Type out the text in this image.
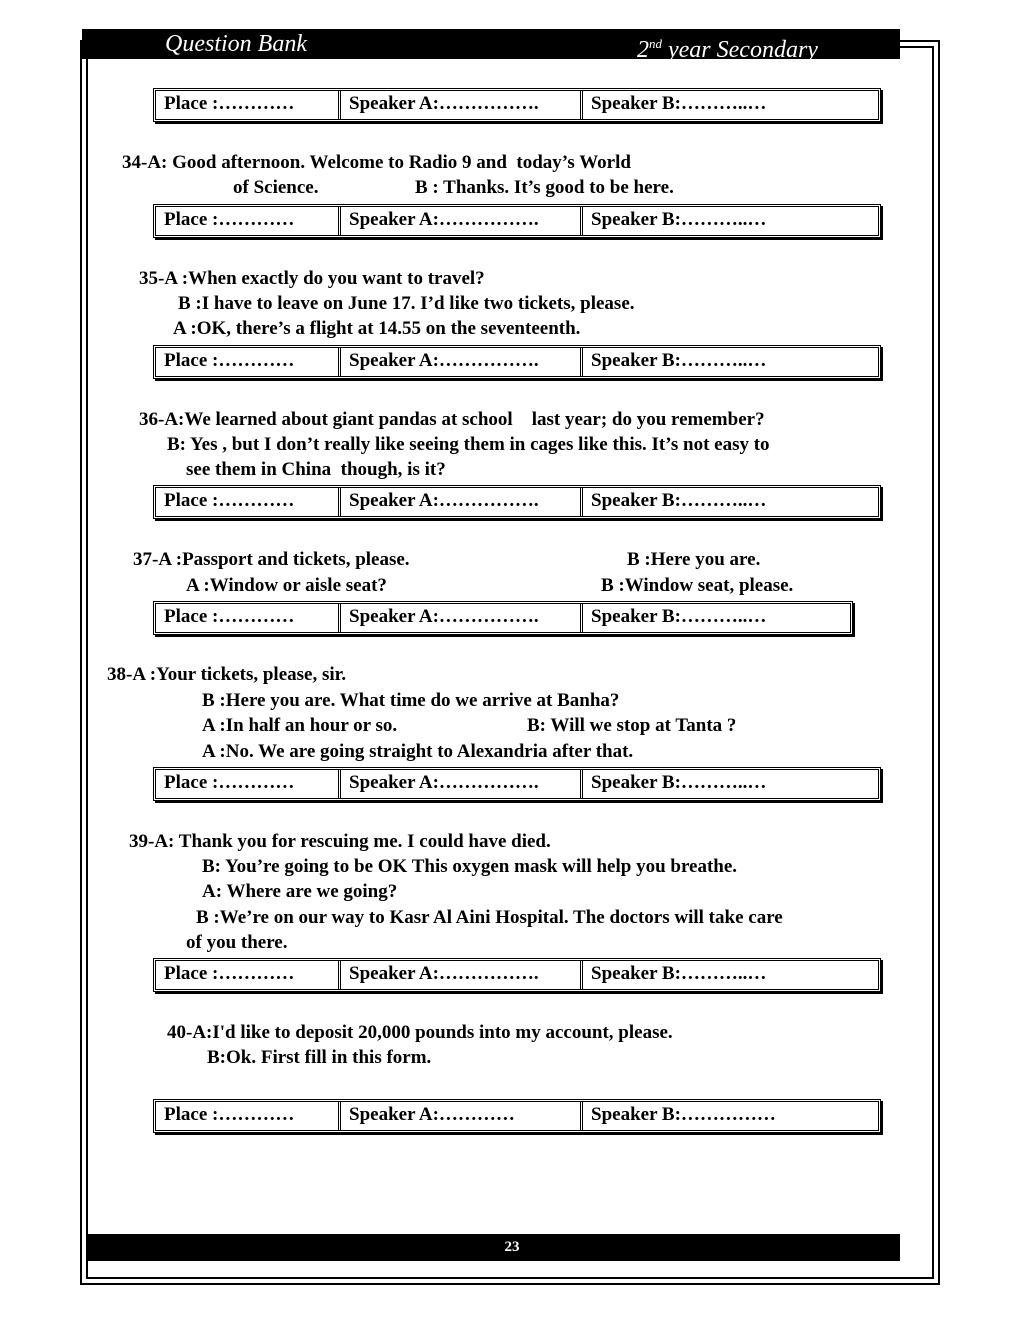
Question Bank	2nd year Secondary
Place :…………	Speaker A:…………….	Speaker B:………..…
34-A: Good afternoon. Welcome to Radio 9 and  today’s World
of Science.	B : Thanks. It’s good to be here.
Place :…………	Speaker A:…………….	Speaker B:………..…
35-A :When exactly do you want to travel?
B :I have to leave on June 17. I’d like two tickets, please.
A :OK, there’s a flight at 14.55 on the seventeenth.
Place :…………	Speaker A:…………….	Speaker B:………..…
36-A:We learned about giant pandas at school    last year; do you remember?
B: Yes , but I don’t really like seeing them in cages like this. It’s not easy to
see them in China  though, is it?
Place :…………	Speaker A:…………….	Speaker B:………..…
37-A :Passport and tickets, please.	B :Here you are.
A :Window or aisle seat?	B :Window seat, please.
Place :…………	Speaker A:…………….	Speaker B:………..…
38-A :Your tickets, please, sir.
B :Here you are. What time do we arrive at Banha?
A :In half an hour or so.	B: Will we stop at Tanta ?
A :No. We are going straight to Alexandria after that.
Place :…………	Speaker A:…………….	Speaker B:………..…
39-A: Thank you for rescuing me. I could have died.
B: You’re going to be OK This oxygen mask will help you breathe.
A: Where are we going?
B :We’re on our way to Kasr Al Aini Hospital. The doctors will take care
of you there.
Place :…………	Speaker A:…………….	Speaker B:………..…
40-A:I'd like to deposit 20,000 pounds into my account, please.
B:Ok. First fill in this form.
Place :…………	Speaker A:…………	Speaker B:……………
23
